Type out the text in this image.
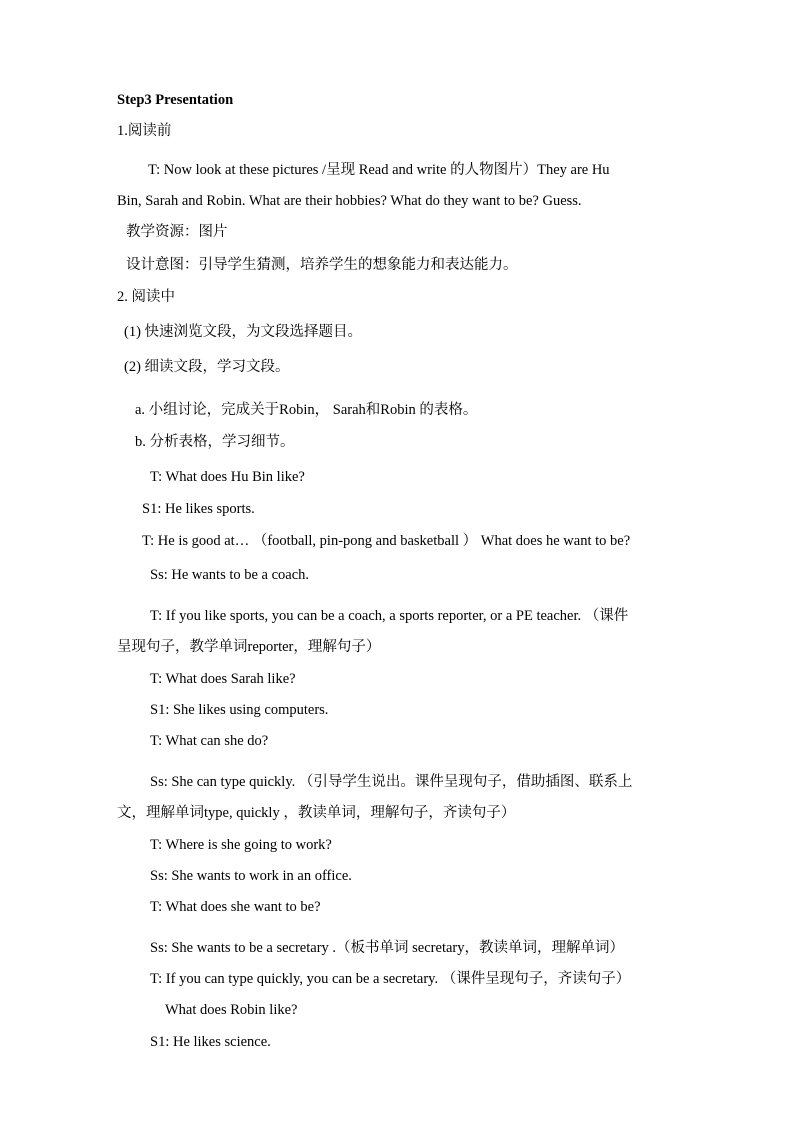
Step3 Presentation
1.阅读前
T: Now look at these pictures /呈现 Read and write 的人物图片）They are Hu
Bin, Sarah and Robin. What are their hobbies? What do they want to be? Guess.
教学资源：图片
设计意图：引导学生猜测，培养学生的想象能力和表达能力。
2. 阅读中
(1) 快速浏览文段，为文段选择题目。
(2) 细读文段，学习文段。
a. 小组讨论，完成关于Robin， Sarah和Robin 的表格。
b. 分析表格，学习细节。
T: What does Hu Bin like?
S1: He likes sports.
T: He is good at… （football, pin-pong and basketball ） What does he want to be?
Ss: He wants to be a coach.
T: If you like sports, you can be a coach, a sports reporter, or a PE teacher. （课件
呈现句子，教学单词reporter，理解句子）
T: What does Sarah like?
S1: She likes using computers.
T: What can she do?
Ss: She can type quickly. （引导学生说出。课件呈现句子，借助插图、联系上
文，理解单词type, quickly ，教读单词，理解句子，齐读句子）
T: Where is she going to work?
Ss: She wants to work in an office.
T: What does she want to be?
Ss: She wants to be a secretary .（板书单词 secretary，教读单词，理解单词）
T: If you can type quickly, you can be a secretary. （课件呈现句子，齐读句子）
What does Robin like?
S1: He likes science.
